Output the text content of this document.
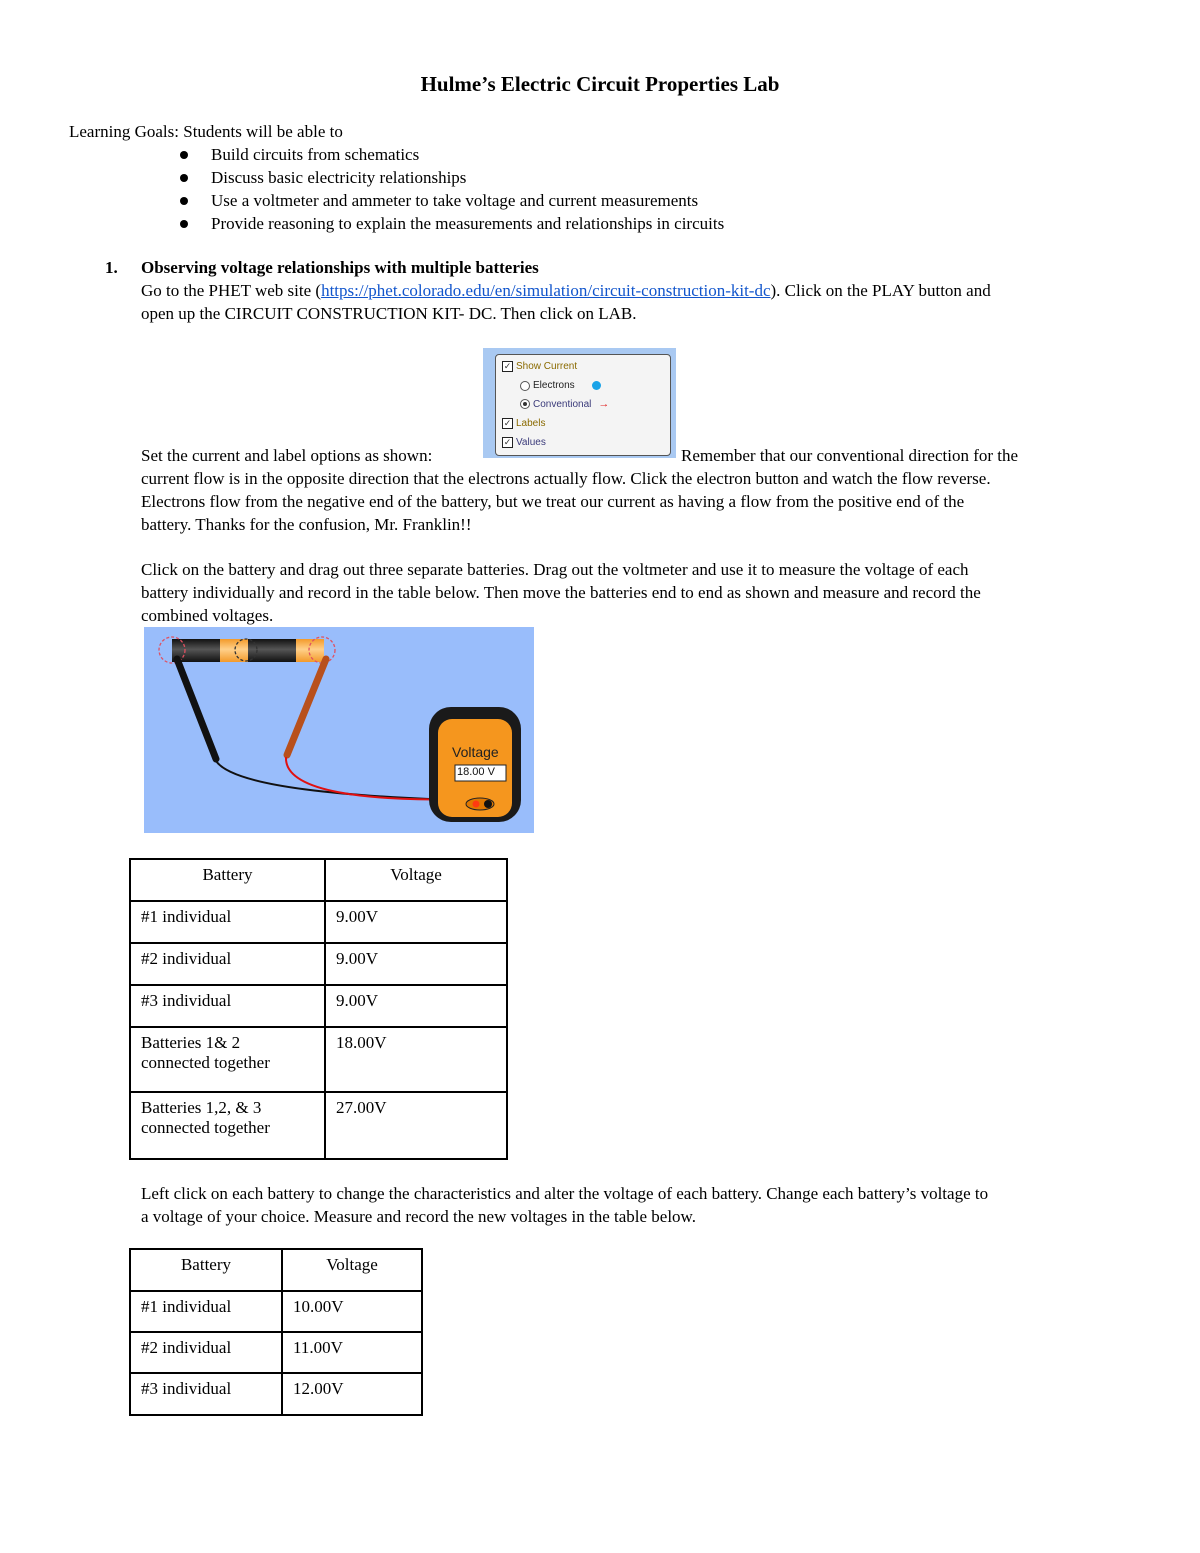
Hulme’s Electric Circuit Properties Lab
Learning Goals: Students will be able to
Build circuits from schematics
Discuss basic electricity relationships
Use a voltmeter and ammeter to take voltage and current measurements
Provide reasoning to explain the measurements and relationships in circuits
1. Observing voltage relationships with multiple batteries
Go to the PHET web site (https://phet.colorado.edu/en/simulation/circuit-construction-kit-dc). Click on the PLAY button and
open up the CIRCUIT CONSTRUCTION KIT- DC. Then click on LAB.
✓ Show Current
Electrons
Conventional →
✓ Labels
✓ Values
Set the current and label options as shown:	Remember that our conventional direction for the
current flow is in the opposite direction that the electrons actually flow. Click the electron button and watch the flow reverse.
Electrons flow from the negative end of the battery, but we treat our current as having a flow from the positive end of the
battery. Thanks for the confusion, Mr. Franklin!!
Click on the battery and drag out three separate batteries. Drag out the voltmeter and use it to measure the voltage of each
battery individually and record in the table below. Then move the batteries end to end as shown and measure and record the
combined voltages.
Voltage
18.00 V
Battery	Voltage
#1 individual	9.00V
#2 individual	9.00V
#3 individual	9.00V

Batteries 1& 2
connected together	18.00V

Batteries 1,2, & 3
connected together	27.00V
Left click on each battery to change the characteristics and alter the voltage of each battery. Change each battery’s voltage to
a voltage of your choice. Measure and record the new voltages in the table below.
Battery	Voltage
#1 individual	10.00V
#2 individual	11.00V
#3 individual	12.00V
